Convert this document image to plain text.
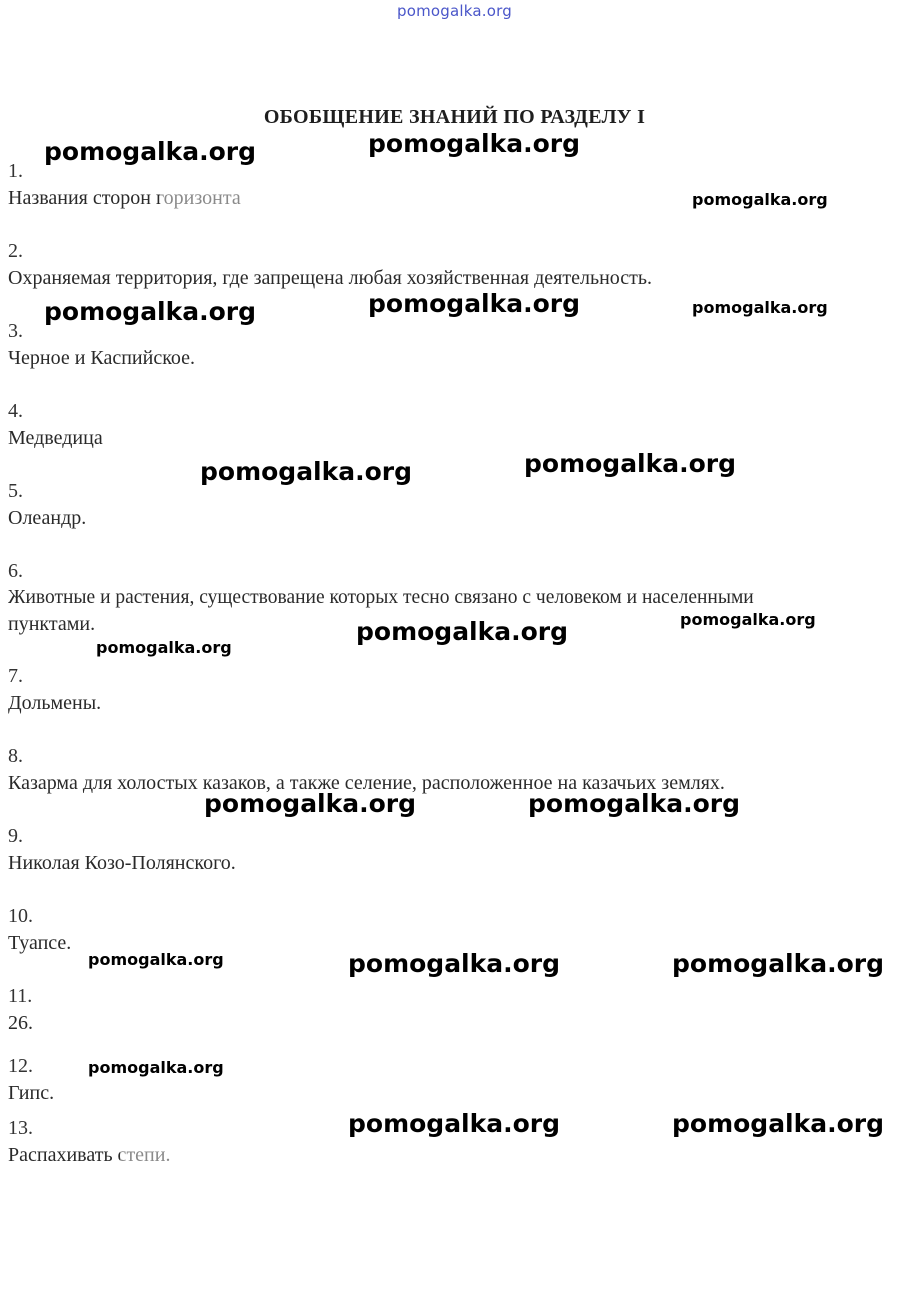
pomogalka.org
ОБОБЩЕНИЕ ЗНАНИЙ ПО РАЗДЕЛУ I
1.
Названия сторон горизонта
2.
Охраняемая территория, где запрещена любая хозяйственная деятельность.
3.
Черное и Каспийское.
4.
Медведица
5.
Олеандр.
6.
Животные и растения, существование которых тесно связано с человеком и населенными
пунктами.
7.
Дольмены.
8.
Казарма для холостых казаков, а также селение, расположенное на казачьих землях.
9.
Николая Козо-Полянского.
10.
Туапсе.
11.
26.
12.
Гипс.
13.
Распахивать степи.
pomogalka.org	pomogalka.org
pomogalka.org
pomogalka.org	pomogalka.org	pomogalka.org
pomogalka.org	pomogalka.org
pomogalka.org	pomogalka.org
pomogalka.org
pomogalka.org	pomogalka.org
pomogalka.org	pomogalka.org	pomogalka.org
pomogalka.org
pomogalka.org	pomogalka.org
